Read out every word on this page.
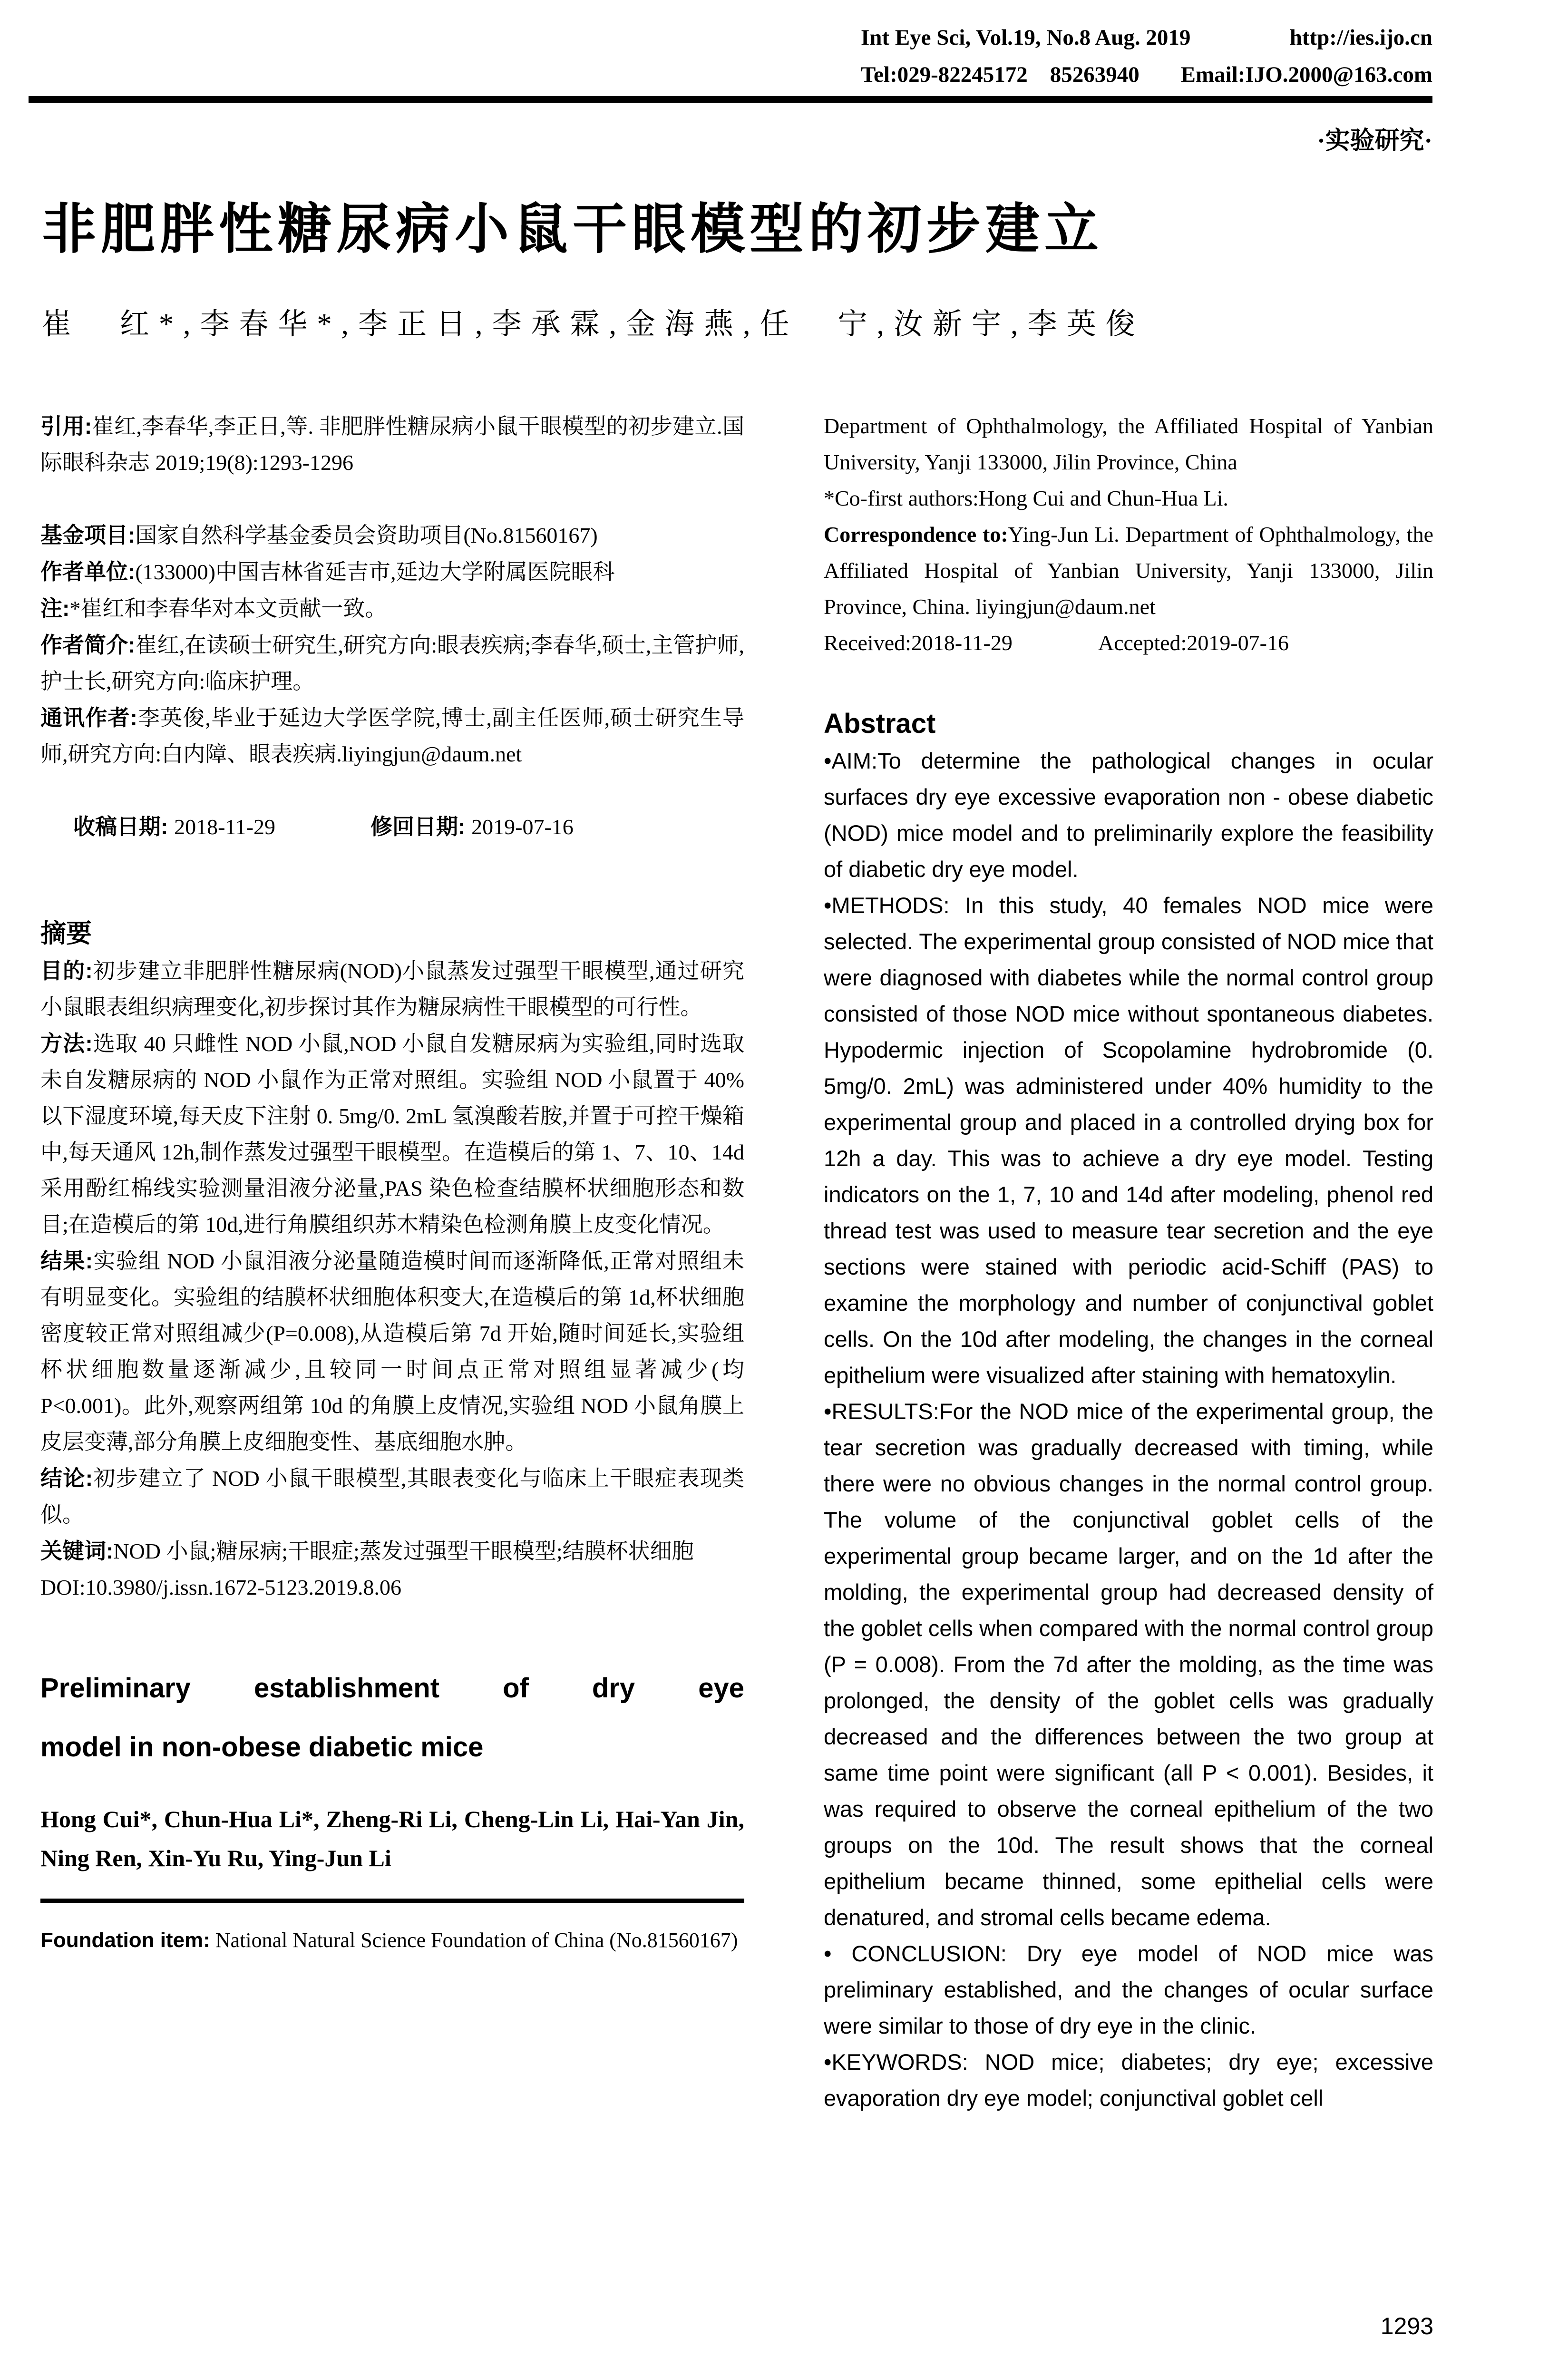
Int Eye Sci, Vol.19, No.8 Aug. 2019	http://ies.ijo.cn
Tel:029-82245172    85263940 Email:IJO.2000@163.com
·实验研究·
非肥胖性糖尿病小鼠干眼模型的初步建立
崔　红*,李春华*,李正日,李承霖,金海燕,任　宁,汝新宇,李英俊

引用:崔红,李春华,李正日,等. 非肥胖性糖尿病小鼠干眼模型的初步建立.国际眼科杂志 2019;19(8):1293-1296

基金项目:国家自然科学基金委员会资助项目(No.81560167)

作者单位:(133000)中国吉林省延吉市,延边大学附属医院眼科

注:*崔红和李春华对本文贡献一致。

作者简介:崔红,在读硕士研究生,研究方向:眼表疾病;李春华,硕士,主管护师,护士长,研究方向:临床护理。

通讯作者:李英俊,毕业于延边大学医学院,博士,副主任医师,硕士研究生导师,研究方向:白内障、眼表疾病.liyingjun@daum.net

收稿日期: 2018-11-29	修回日期: 2019-07-16

摘要

目的:初步建立非肥胖性糖尿病(NOD)小鼠蒸发过强型干眼模型,通过研究小鼠眼表组织病理变化,初步探讨其作为糖尿病性干眼模型的可行性。

方法:选取 40 只雌性 NOD 小鼠,NOD 小鼠自发糖尿病为实验组,同时选取未自发糖尿病的 NOD 小鼠作为正常对照组。实验组 NOD 小鼠置于 40%以下湿度环境,每天皮下注射 0. 5mg/0. 2mL 氢溴酸若胺,并置于可控干燥箱中,每天通风 12h,制作蒸发过强型干眼模型。在造模后的第 1、7、10、14d 采用酚红棉线实验测量泪液分泌量,PAS 染色检查结膜杯状细胞形态和数目;在造模后的第 10d,进行角膜组织苏木精染色检测角膜上皮变化情况。

结果:实验组 NOD 小鼠泪液分泌量随造模时间而逐渐降低,正常对照组未有明显变化。实验组的结膜杯状细胞体积变大,在造模后的第 1d,杯状细胞密度较正常对照组减少(P=0.008),从造模后第 7d 开始,随时间延长,实验组杯状细胞数量逐渐减少,且较同一时间点正常对照组显著减少(均 P<0.001)。此外,观察两组第 10d 的角膜上皮情况,实验组 NOD 小鼠角膜上皮层变薄,部分角膜上皮细胞变性、基底细胞水肿。

结论:初步建立了 NOD 小鼠干眼模型,其眼表变化与临床上干眼症表现类似。

关键词:NOD 小鼠;糖尿病;干眼症;蒸发过强型干眼模型;结膜杯状细胞

DOI:10.3980/j.issn.1672-5123.2019.8.06

Preliminary establishment of dry eye
model in non-obese diabetic mice

Hong Cui*, Chun-Hua Li*, Zheng-Ri Li, Cheng-Lin Li, Hai-Yan Jin, Ning Ren, Xin-Yu Ru, Ying-Jun Li

Foundation item: National Natural Science Foundation of China (No.81560167)

Department of Ophthalmology, the Affiliated Hospital of Yanbian University, Yanji 133000, Jilin Province, China

*Co-first authors:Hong Cui and Chun-Hua Li.

Correspondence to:Ying-Jun Li. Department of Ophthalmology, the Affiliated Hospital of Yanbian University, Yanji 133000, Jilin Province, China. liyingjun@daum.net

Received:2018-11-29	Accepted:2019-07-16

Abstract

•AIM:To determine the pathological changes in ocular surfaces dry eye excessive evaporation non - obese diabetic (NOD) mice model and to preliminarily explore the feasibility of diabetic dry eye model.

•METHODS: In this study, 40 females NOD mice were selected. The experimental group consisted of NOD mice that were diagnosed with diabetes while the normal control group consisted of those NOD mice without spontaneous diabetes. Hypodermic injection of Scopolamine hydrobromide (0. 5mg/0. 2mL) was administered under 40% humidity to the experimental group and placed in a controlled drying box for 12h a day. This was to achieve a dry eye model. Testing indicators on the 1, 7, 10 and 14d after modeling, phenol red thread test was used to measure tear secretion and the eye sections were stained with periodic acid-Schiff (PAS) to examine the morphology and number of conjunctival goblet cells. On the 10d after modeling, the changes in the corneal epithelium were visualized after staining with hematoxylin.

•RESULTS:For the NOD mice of the experimental group, the tear secretion was gradually decreased with timing, while there were no obvious changes in the normal control group. The volume of the conjunctival goblet cells of the experimental group became larger, and on the 1d after the molding, the experimental group had decreased density of the goblet cells when compared with the normal control group (P = 0.008). From the 7d after the molding, as the time was prolonged, the density of the goblet cells was gradually decreased and the differences between the two group at same time point were significant (all P < 0.001). Besides, it was required to observe the corneal epithelium of the two groups on the 10d. The result shows that the corneal epithelium became thinned, some epithelial cells were denatured, and stromal cells became edema.

• CONCLUSION: Dry eye model of NOD mice was preliminary established, and the changes of ocular surface were similar to those of dry eye in the clinic.

•KEYWORDS: NOD mice; diabetes; dry eye; excessive evaporation dry eye model; conjunctival goblet cell

1293
